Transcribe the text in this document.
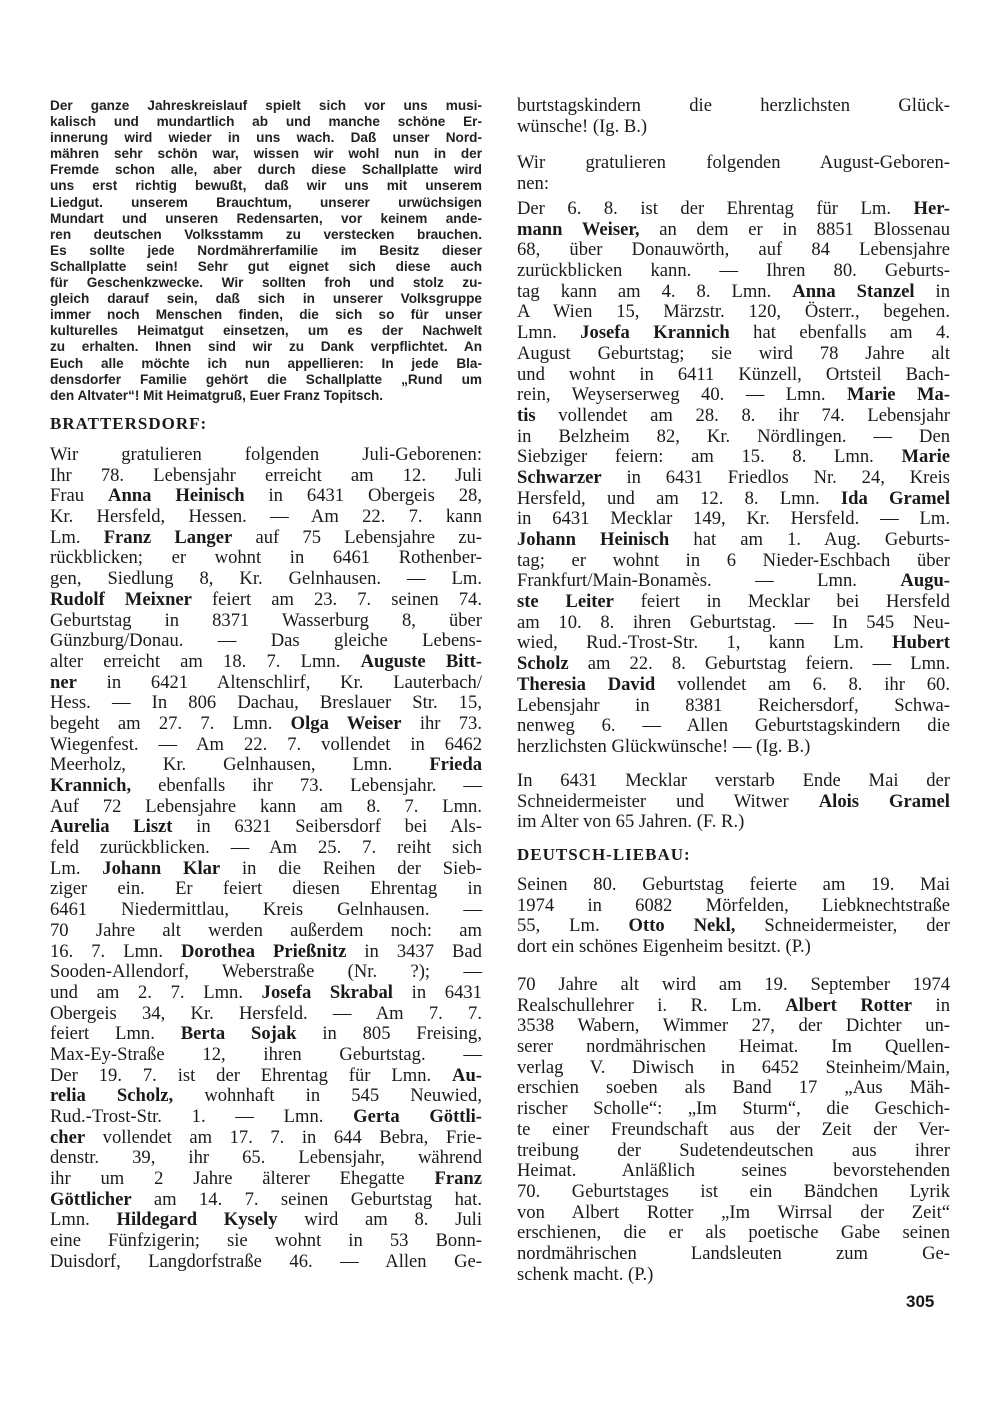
Der ganze Jahreskreislauf spielt sich vor uns musi-
kalisch und mundartlich ab und manche schöne Er-
innerung wird wieder in uns wach. Daß unser Nord-
mähren sehr schön war, wissen wir wohl nun in der
Fremde schon alle, aber durch diese Schallplatte wird
uns erst richtig bewußt, daß wir uns mit unserem
Liedgut. unserem Brauchtum, unserer urwüchsigen
Mundart und unseren Redensarten, vor keinem ande-
ren deutschen Volksstamm zu verstecken brauchen.
Es sollte jede Nordmährerfamilie im Besitz dieser
Schallplatte sein! Sehr gut eignet sich diese auch
für Geschenkzwecke. Wir sollten froh und stolz zu-
gleich darauf sein, daß sich in unserer Volksgruppe
immer noch Menschen finden, die sich so für unser
kulturelles Heimatgut einsetzen, um es der Nachwelt
zu erhalten. Ihnen sind wir zu Dank verpflichtet. An
Euch alle möchte ich nun appellieren: In jede Bla-
densdorfer Familie gehört die Schallplatte „Rund um
den Altvater“! Mit Heimatgruß, Euer Franz Topitsch.
BRATTERSDORF:
Wir gratulieren folgenden Juli-Geborenen:
Ihr 78. Lebensjahr erreicht am 12. Juli
Frau Anna Heinisch in 6431 Obergeis 28,
Kr. Hersfeld, Hessen. — Am 22. 7. kann
Lm. Franz Langer auf 75 Lebensjahre zu-
rückblicken; er wohnt in 6461 Rothenber-
gen, Siedlung 8, Kr. Gelnhausen. — Lm.
Rudolf Meixner feiert am 23. 7. seinen 74.
Geburtstag in 8371 Wasserburg 8, über
Günzburg/Donau. — Das gleiche Lebens-
alter erreicht am 18. 7. Lmn. Auguste Bitt-
ner in 6421 Altenschlirf, Kr. Lauterbach/
Hess. — In 806 Dachau, Breslauer Str. 15,
begeht am 27. 7. Lmn. Olga Weiser ihr 73.
Wiegenfest. — Am 22. 7. vollendet in 6462
Meerholz, Kr. Gelnhausen, Lmn. Frieda
Krannich, ebenfalls ihr 73. Lebensjahr. —
Auf 72 Lebensjahre kann am 8. 7. Lmn.
Aurelia Liszt in 6321 Seibersdorf bei Als-
feld zurückblicken. — Am 25. 7. reiht sich
Lm. Johann Klar in die Reihen der Sieb-
ziger ein. Er feiert diesen Ehrentag in
6461 Niedermittlau, Kreis Gelnhausen. —
70 Jahre alt werden außerdem noch: am
16. 7. Lmn. Dorothea Prießnitz in 3437 Bad
Sooden-Allendorf, Weberstraße (Nr. ?); —
und am 2. 7. Lmn. Josefa Skrabal in 6431
Obergeis 34, Kr. Hersfeld. — Am 7. 7.
feiert Lmn. Berta Sojak in 805 Freising,
Max-Ey-Straße 12, ihren Geburtstag. —
Der 19. 7. ist der Ehrentag für Lmn. Au-
relia Scholz, wohnhaft in 545 Neuwied,
Rud.-Trost-Str. 1. — Lmn. Gerta Göttli-
cher vollendet am 17. 7. in 644 Bebra, Frie-
denstr. 39, ihr 65. Lebensjahr, während
ihr um 2 Jahre älterer Ehegatte Franz
Göttlicher am 14. 7. seinen Geburtstag hat.
Lmn. Hildegard Kysely wird am 8. Juli
eine Fünfzigerin; sie wohnt in 53 Bonn-
Duisdorf, Langdorfstraße 46. — Allen Ge-
burtstagskindern die herzlichsten Glück-
wünsche! (Ig. B.)
Wir gratulieren folgenden August-Geboren-
nen:
Der 6. 8. ist der Ehrentag für Lm. Her-
mann Weiser, an dem er in 8851 Blossenau
68, über Donauwörth, auf 84 Lebensjahre
zurückblicken kann. — Ihren 80. Geburts-
tag kann am 4. 8. Lmn. Anna Stanzel in
A Wien 15, Märzstr. 120, Österr., begehen.
Lmn. Josefa Krannich hat ebenfalls am 4.
August Geburtstag; sie wird 78 Jahre alt
und wohnt in 6411 Künzell, Ortsteil Bach-
rein, Weyserserweg 40. — Lmn. Marie Ma-
tis vollendet am 28. 8. ihr 74. Lebensjahr
in Belzheim 82, Kr. Nördlingen. — Den
Siebziger feiern: am 15. 8. Lmn. Marie
Schwarzer in 6431 Friedlos Nr. 24, Kreis
Hersfeld, und am 12. 8. Lmn. Ida Gramel
in 6431 Mecklar 149, Kr. Hersfeld. — Lm.
Johann Heinisch hat am 1. Aug. Geburts-
tag; er wohnt in 6 Nieder-Eschbach über
Frankfurt/Main-Bonamès. — Lmn. Augu-
ste Leiter feiert in Mecklar bei Hersfeld
am 10. 8. ihren Geburtstag. — In 545 Neu-
wied, Rud.-Trost-Str. 1, kann Lm. Hubert
Scholz am 22. 8. Geburtstag feiern. — Lmn.
Theresia David vollendet am 6. 8. ihr 60.
Lebensjahr in 8381 Reichersdorf, Schwa-
nenweg 6. — Allen Geburtstagskindern die
herzlichsten Glückwünsche! — (Ig. B.)
In 6431 Mecklar verstarb Ende Mai der
Schneidermeister und Witwer Alois Gramel
im Alter von 65 Jahren. (F. R.)
DEUTSCH-LIEBAU:
Seinen 80. Geburtstag feierte am 19. Mai
1974 in 6082 Mörfelden, Liebknechtstraße
55, Lm. Otto Nekl, Schneidermeister, der
dort ein schönes Eigenheim besitzt. (P.)
70 Jahre alt wird am 19. September 1974
Realschullehrer i. R. Lm. Albert Rotter in
3538 Wabern, Wimmer 27, der Dichter un-
serer nordmährischen Heimat. Im Quellen-
verlag V. Diwisch in 6452 Steinheim/Main,
erschien soeben als Band 17 „Aus Mäh-
rischer Scholle“: „Im Sturm“, die Geschich-
te einer Freundschaft aus der Zeit der Ver-
treibung der Sudetendeutschen aus ihrer
Heimat. Anläßlich seines bevorstehenden
70. Geburtstages ist ein Bändchen Lyrik
von Albert Rotter „Im Wirrsal der Zeit“
erschienen, die er als poetische Gabe seinen
nordmährischen Landsleuten zum Ge-
schenk macht. (P.)
305
